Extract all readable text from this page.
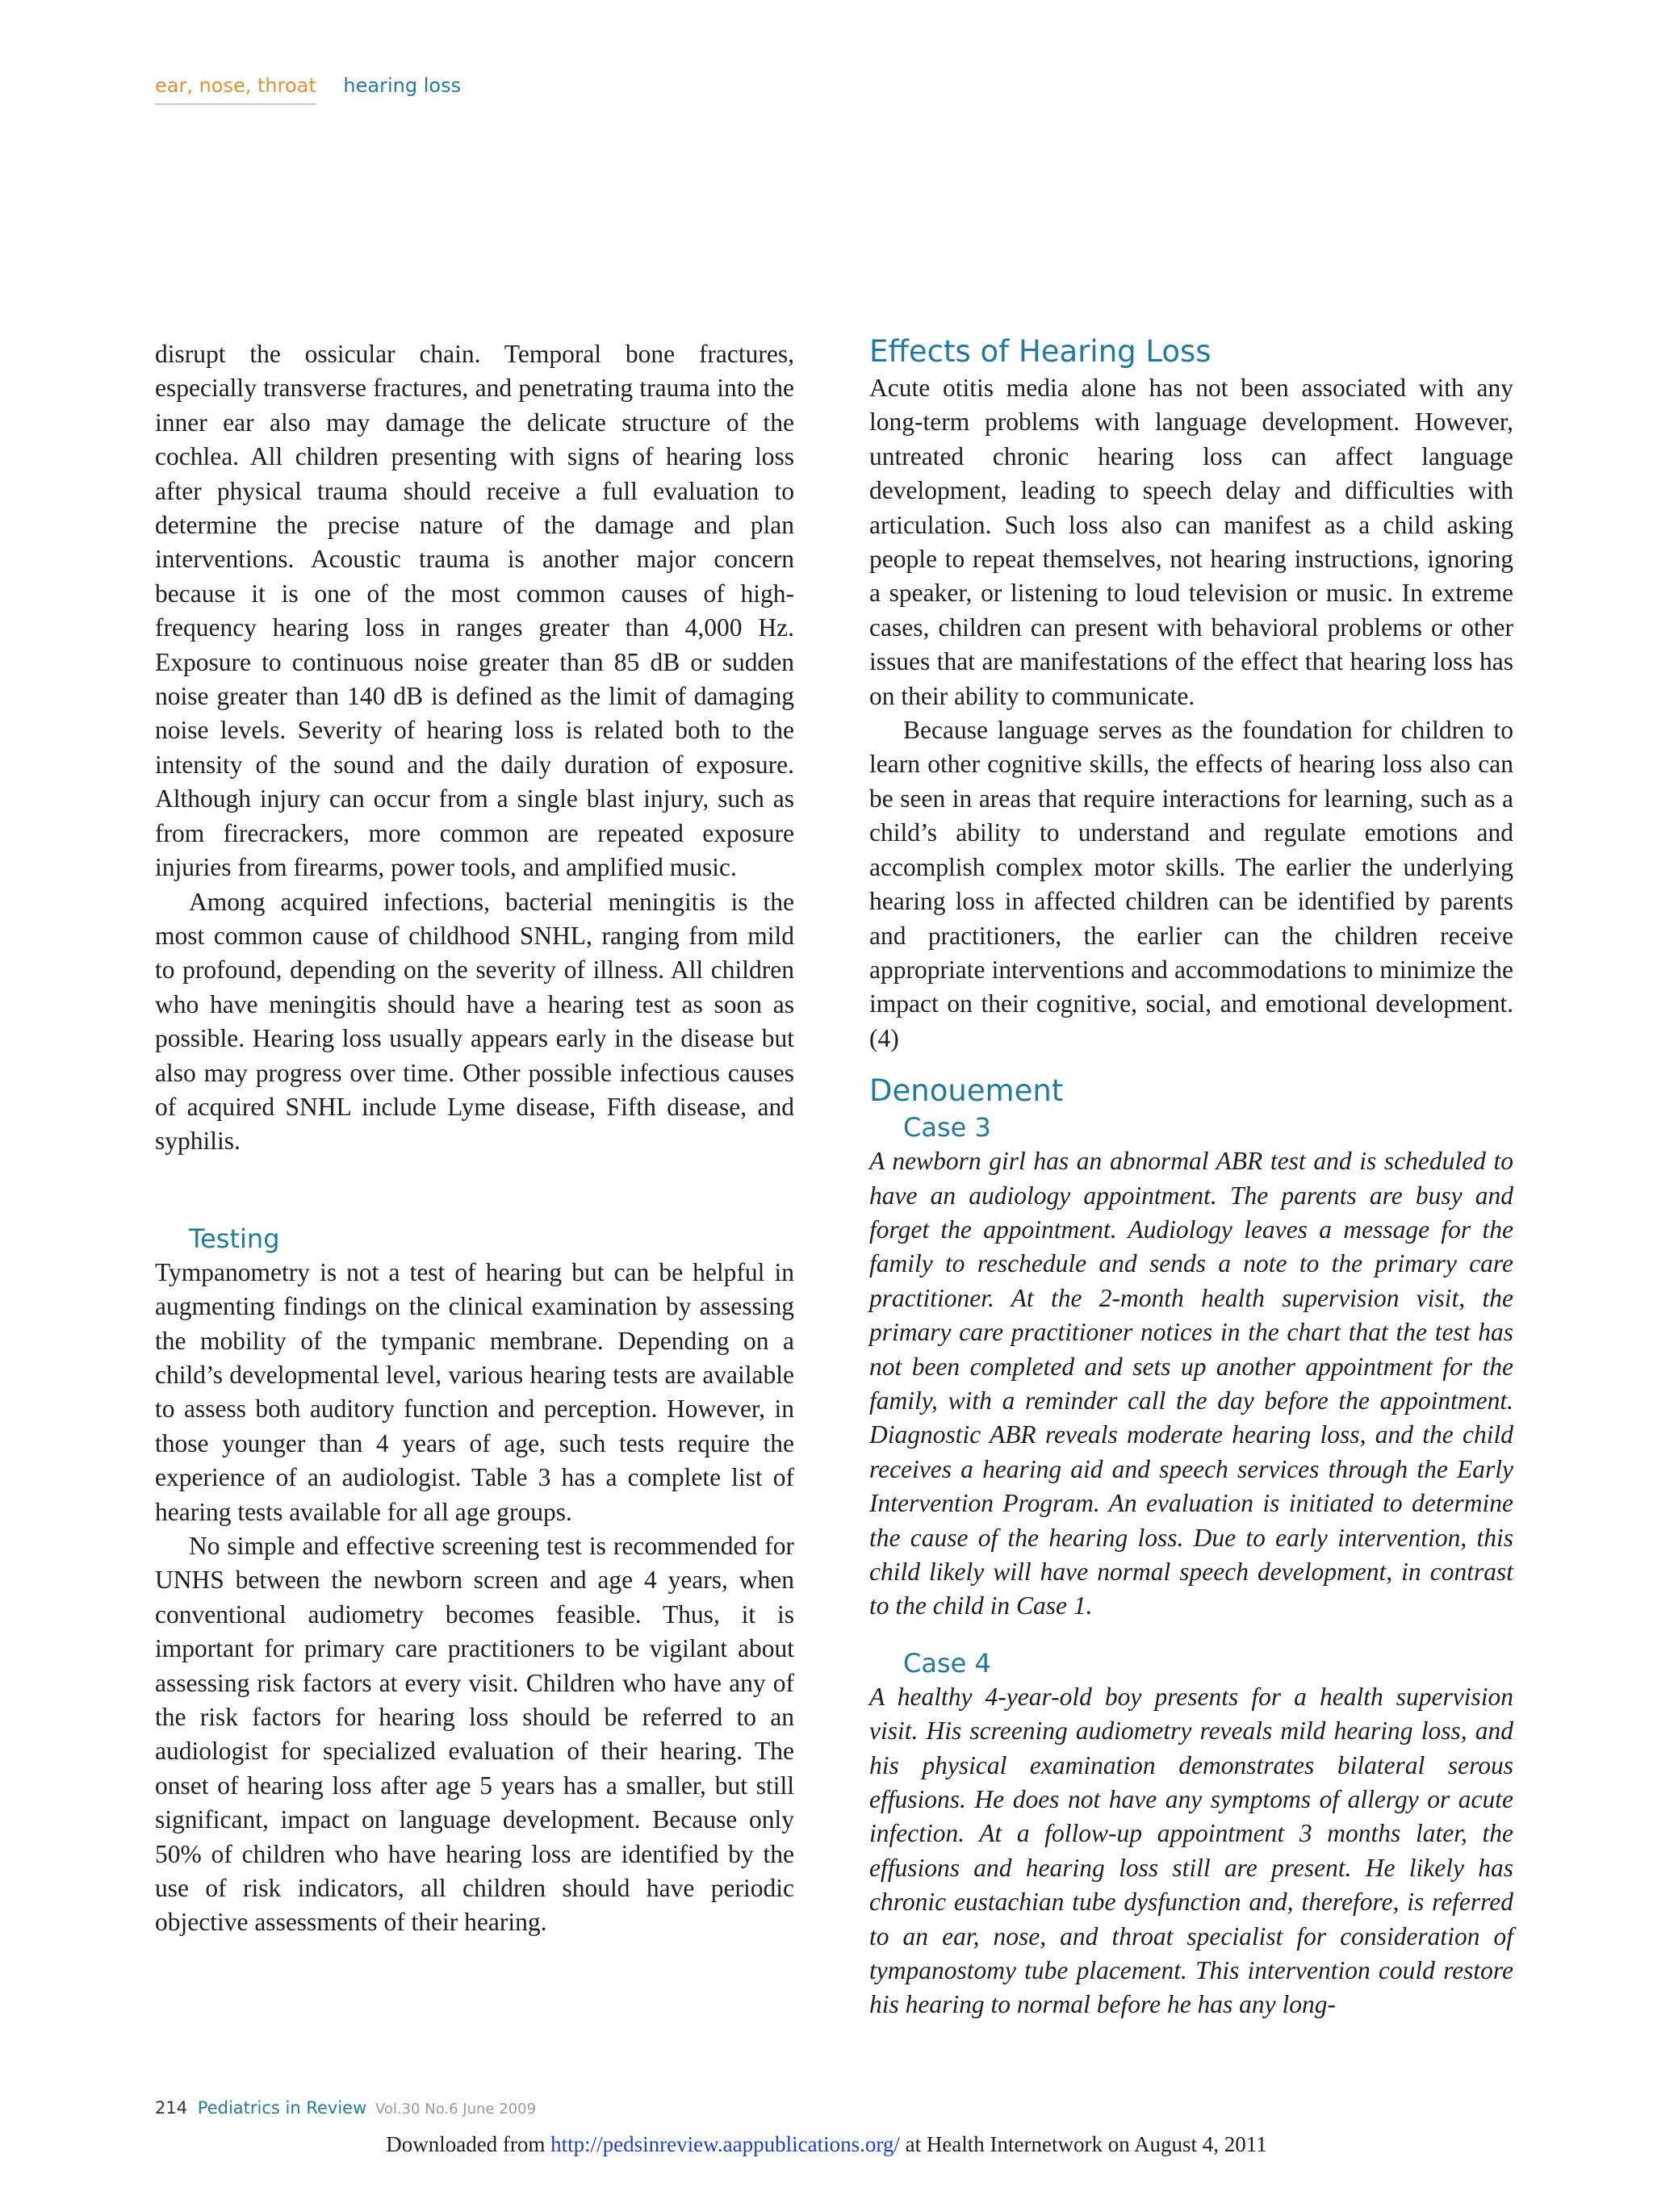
ear, nose, throat hearing loss

disrupt the ossicular chain. Temporal bone fractures, especially transverse fractures, and penetrating trauma into the inner ear also may damage the delicate structure of the cochlea. All children presenting with signs of hearing loss after physical trauma should receive a full evaluation to determine the precise nature of the damage and plan interventions. Acoustic trauma is another major concern because it is one of the most common causes of high-frequency hearing loss in ranges greater than 4,000 Hz. Exposure to continuous noise greater than 85 dB or sudden noise greater than 140 dB is defined as the limit of damaging noise levels. Severity of hearing loss is related both to the intensity of the sound and the daily duration of exposure. Although injury can occur from a single blast injury, such as from firecrackers, more common are repeated exposure injuries from firearms, power tools, and amplified music.

Among acquired infections, bacterial meningitis is the most common cause of childhood SNHL, ranging from mild to profound, depending on the severity of illness. All children who have meningitis should have a hearing test as soon as possible. Hearing loss usually appears early in the disease but also may progress over time. Other possible infectious causes of acquired SNHL include Lyme disease, Fifth disease, and syphilis.

Testing

Tympanometry is not a test of hearing but can be helpful in augmenting findings on the clinical examination by assessing the mobility of the tympanic membrane. Depending on a child’s developmental level, various hearing tests are available to assess both auditory function and perception. However, in those younger than 4 years of age, such tests require the experience of an audiologist. Table 3 has a complete list of hearing tests available for all age groups.

No simple and effective screening test is recommended for UNHS between the newborn screen and age 4 years, when conventional audiometry becomes feasible. Thus, it is important for primary care practitioners to be vigilant about assessing risk factors at every visit. Children who have any of the risk factors for hearing loss should be referred to an audiologist for specialized evaluation of their hearing. The onset of hearing loss after age 5 years has a smaller, but still significant, impact on language development. Because only 50% of children who have hearing loss are identified by the use of risk indicators, all children should have periodic objective assessments of their hearing.

Effects of Hearing Loss

Acute otitis media alone has not been associated with any long-term problems with language development. However, untreated chronic hearing loss can affect language development, leading to speech delay and difficulties with articulation. Such loss also can manifest as a child asking people to repeat themselves, not hearing instructions, ignoring a speaker, or listening to loud television or music. In extreme cases, children can present with behavioral problems or other issues that are manifestations of the effect that hearing loss has on their ability to communicate.

Because language serves as the foundation for children to learn other cognitive skills, the effects of hearing loss also can be seen in areas that require interactions for learning, such as a child’s ability to understand and regulate emotions and accomplish complex motor skills. The earlier the underlying hearing loss in affected children can be identified by parents and practitioners, the earlier can the children receive appropriate interventions and accommodations to minimize the impact on their cognitive, social, and emotional development. (4)

Denouement
Case 3

A newborn girl has an abnormal ABR test and is scheduled to have an audiology appointment. The parents are busy and forget the appointment. Audiology leaves a message for the family to reschedule and sends a note to the primary care practitioner. At the 2-month health supervision visit, the primary care practitioner notices in the chart that the test has not been completed and sets up another appointment for the family, with a reminder call the day before the appointment. Diagnostic ABR reveals moderate hearing loss, and the child receives a hearing aid and speech services through the Early Intervention Program. An evaluation is initiated to determine the cause of the hearing loss. Due to early intervention, this child likely will have normal speech development, in contrast to the child in Case 1.

Case 4

A healthy 4-year-old boy presents for a health supervision visit. His screening audiometry reveals mild hearing loss, and his physical examination demonstrates bilateral serous effusions. He does not have any symptoms of allergy or acute infection. At a follow-up appointment 3 months later, the effusions and hearing loss still are present. He likely has chronic eustachian tube dysfunction and, therefore, is referred to an ear, nose, and throat specialist for consideration of tympanostomy tube placement. This intervention could restore his hearing to normal before he has any long-

214 Pediatrics in Review Vol.30 No.6 June 2009
Downloaded from http://pedsinreview.aappublications.org/ at Health Internetwork on August 4, 2011
